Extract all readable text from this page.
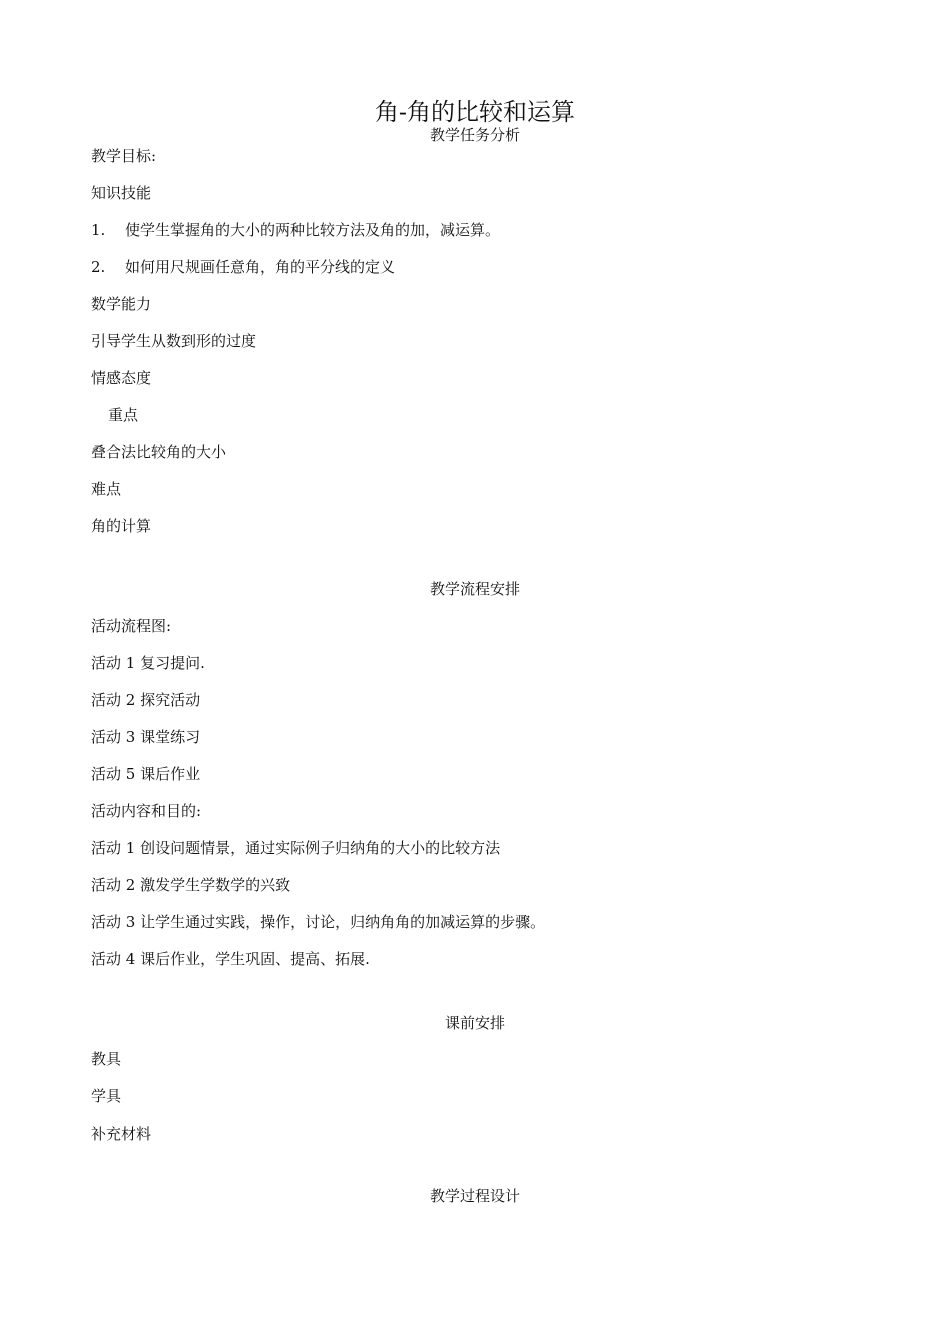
角-角的比较和运算
教学任务分析
教学目标:
知识技能
1. 使学生掌握角的大小的两种比较方法及角的加，减运算。
2. 如何用尺规画任意角，角的平分线的定义
数学能力
引导学生从数到形的过度
情感态度
重点
叠合法比较角的大小
难点
角的计算
教学流程安排
活动流程图:
活动 1 复习提问.
活动 2 探究活动
活动 3 课堂练习
活动 5 课后作业
活动内容和目的:
活动 1 创设问题情景，通过实际例子归纳角的大小的比较方法
活动 2 激发学生学数学的兴致
活动 3 让学生通过实践，操作，讨论，归纳角角的加减运算的步骤。
活动 4 课后作业，学生巩固、提高、拓展.
课前安排
教具
学具
补充材料
教学过程设计
